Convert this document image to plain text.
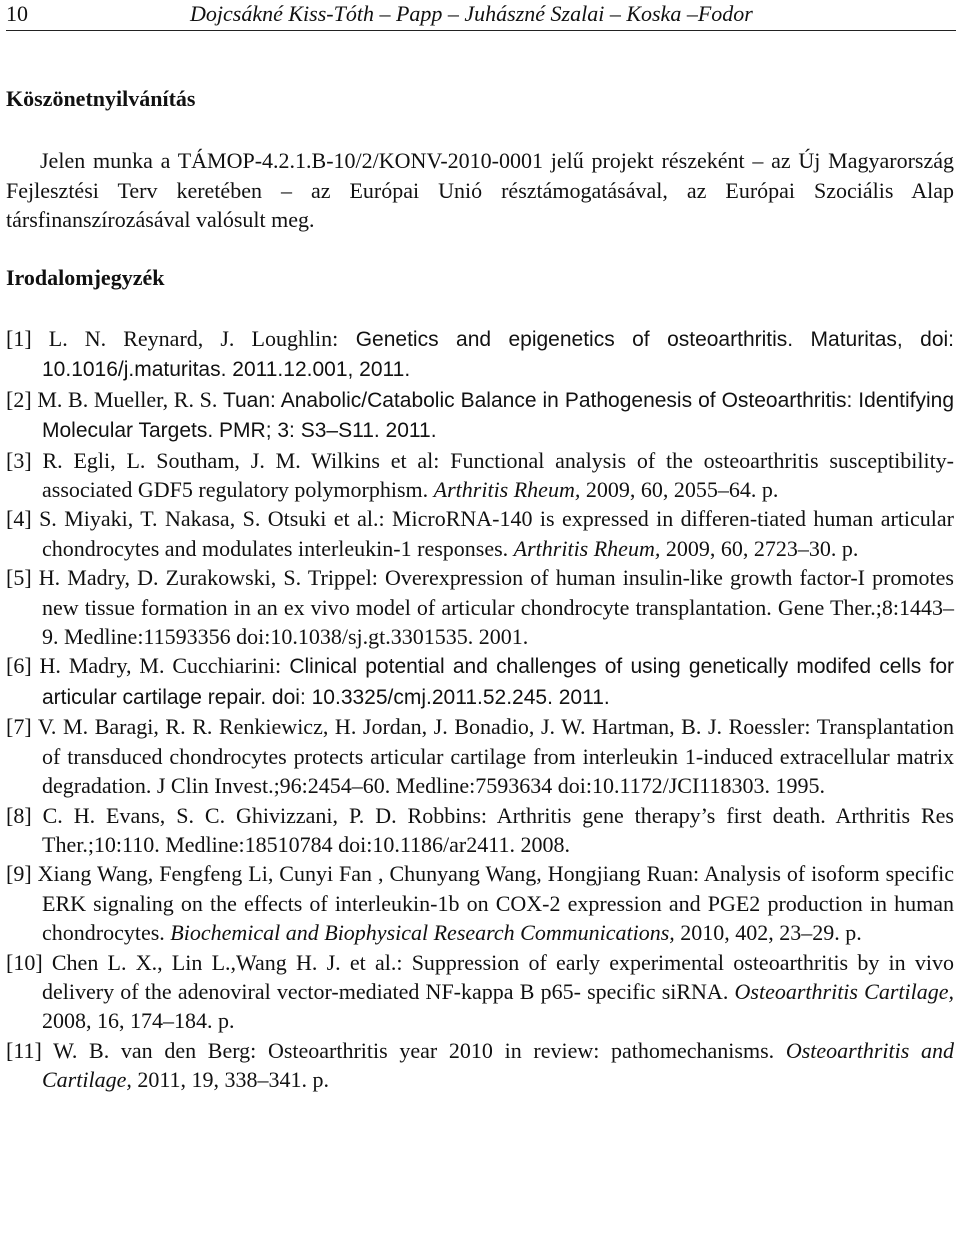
10	Dojcsákné Kiss-Tóth – Papp – Juhászné Szalai – Koska –Fodor
Köszönetnyilvánítás
Jelen munka a TÁMOP-4.2.1.B-10/2/KONV-2010-0001 jelű projekt részeként – az Új Magyarország Fejlesztési Terv keretében – az Európai Unió résztámogatásával, az Európai Szociális Alap társfinanszírozásával valósult meg.
Irodalomjegyzék
[1] L. N. Reynard, J. Loughlin: Genetics and epigenetics of osteoarthritis. Maturitas, doi: 10.1016/j.maturitas. 2011.12.001, 2011.
[2] M. B. Mueller, R. S. Tuan: Anabolic/Catabolic Balance in Pathogenesis of Osteoarthritis: Identifying Molecular Targets. PMR; 3: S3–S11. 2011.
[3] R. Egli, L. Southam, J. M. Wilkins et al: Functional analysis of the osteoarthritis susceptibility-associated GDF5 regulatory polymorphism. Arthritis Rheum, 2009, 60, 2055–64. p.
[4] S. Miyaki, T. Nakasa, S. Otsuki et al.: MicroRNA-140 is expressed in differen-tiated human articular chondrocytes and modulates interleukin-1 responses. Arthritis Rheum, 2009, 60, 2723–30. p.
[5] H. Madry, D. Zurakowski, S. Trippel: Overexpression of human insulin-like growth factor-I promotes new tissue formation in an ex vivo model of articular chondrocyte transplantation. Gene Ther.;8:1443–9. Medline:11593356 doi:10.1038/sj.gt.3301535. 2001.
[6] H. Madry, M. Cucchiarini: Clinical potential and challenges of using genetically modifed cells for articular cartilage repair. doi: 10.3325/cmj.2011.52.245. 2011.
[7] V. M. Baragi, R. R. Renkiewicz, H. Jordan, J. Bonadio, J. W. Hartman, B. J. Roessler: Transplantation of transduced chondrocytes protects articular cartilage from interleukin 1-induced extracellular matrix degradation. J Clin Invest.;96:2454–60. Medline:7593634 doi:10.1172/JCI118303. 1995.
[8] C. H. Evans, S. C. Ghivizzani, P. D. Robbins: Arthritis gene therapy’s first death. Arthritis Res Ther.;10:110. Medline:18510784 doi:10.1186/ar2411. 2008.
[9] Xiang Wang, Fengfeng Li, Cunyi Fan , Chunyang Wang, Hongjiang Ruan: Analysis of isoform specific ERK signaling on the effects of interleukin-1b on COX-2 expression and PGE2 production in human chondrocytes. Biochemical and Biophysical Research Communications, 2010, 402, 23–29. p.
[10] Chen L. X., Lin L.,Wang H. J. et al.: Suppression of early experimental osteoarthritis by in vivo delivery of the adenoviral vector-mediated NF-kappa B p65- specific siRNA. Osteoarthritis Cartilage, 2008, 16, 174–184. p.
[11] W. B. van den Berg: Osteoarthritis year 2010 in review: pathomechanisms. Osteoarthritis and Cartilage, 2011, 19, 338–341. p.
